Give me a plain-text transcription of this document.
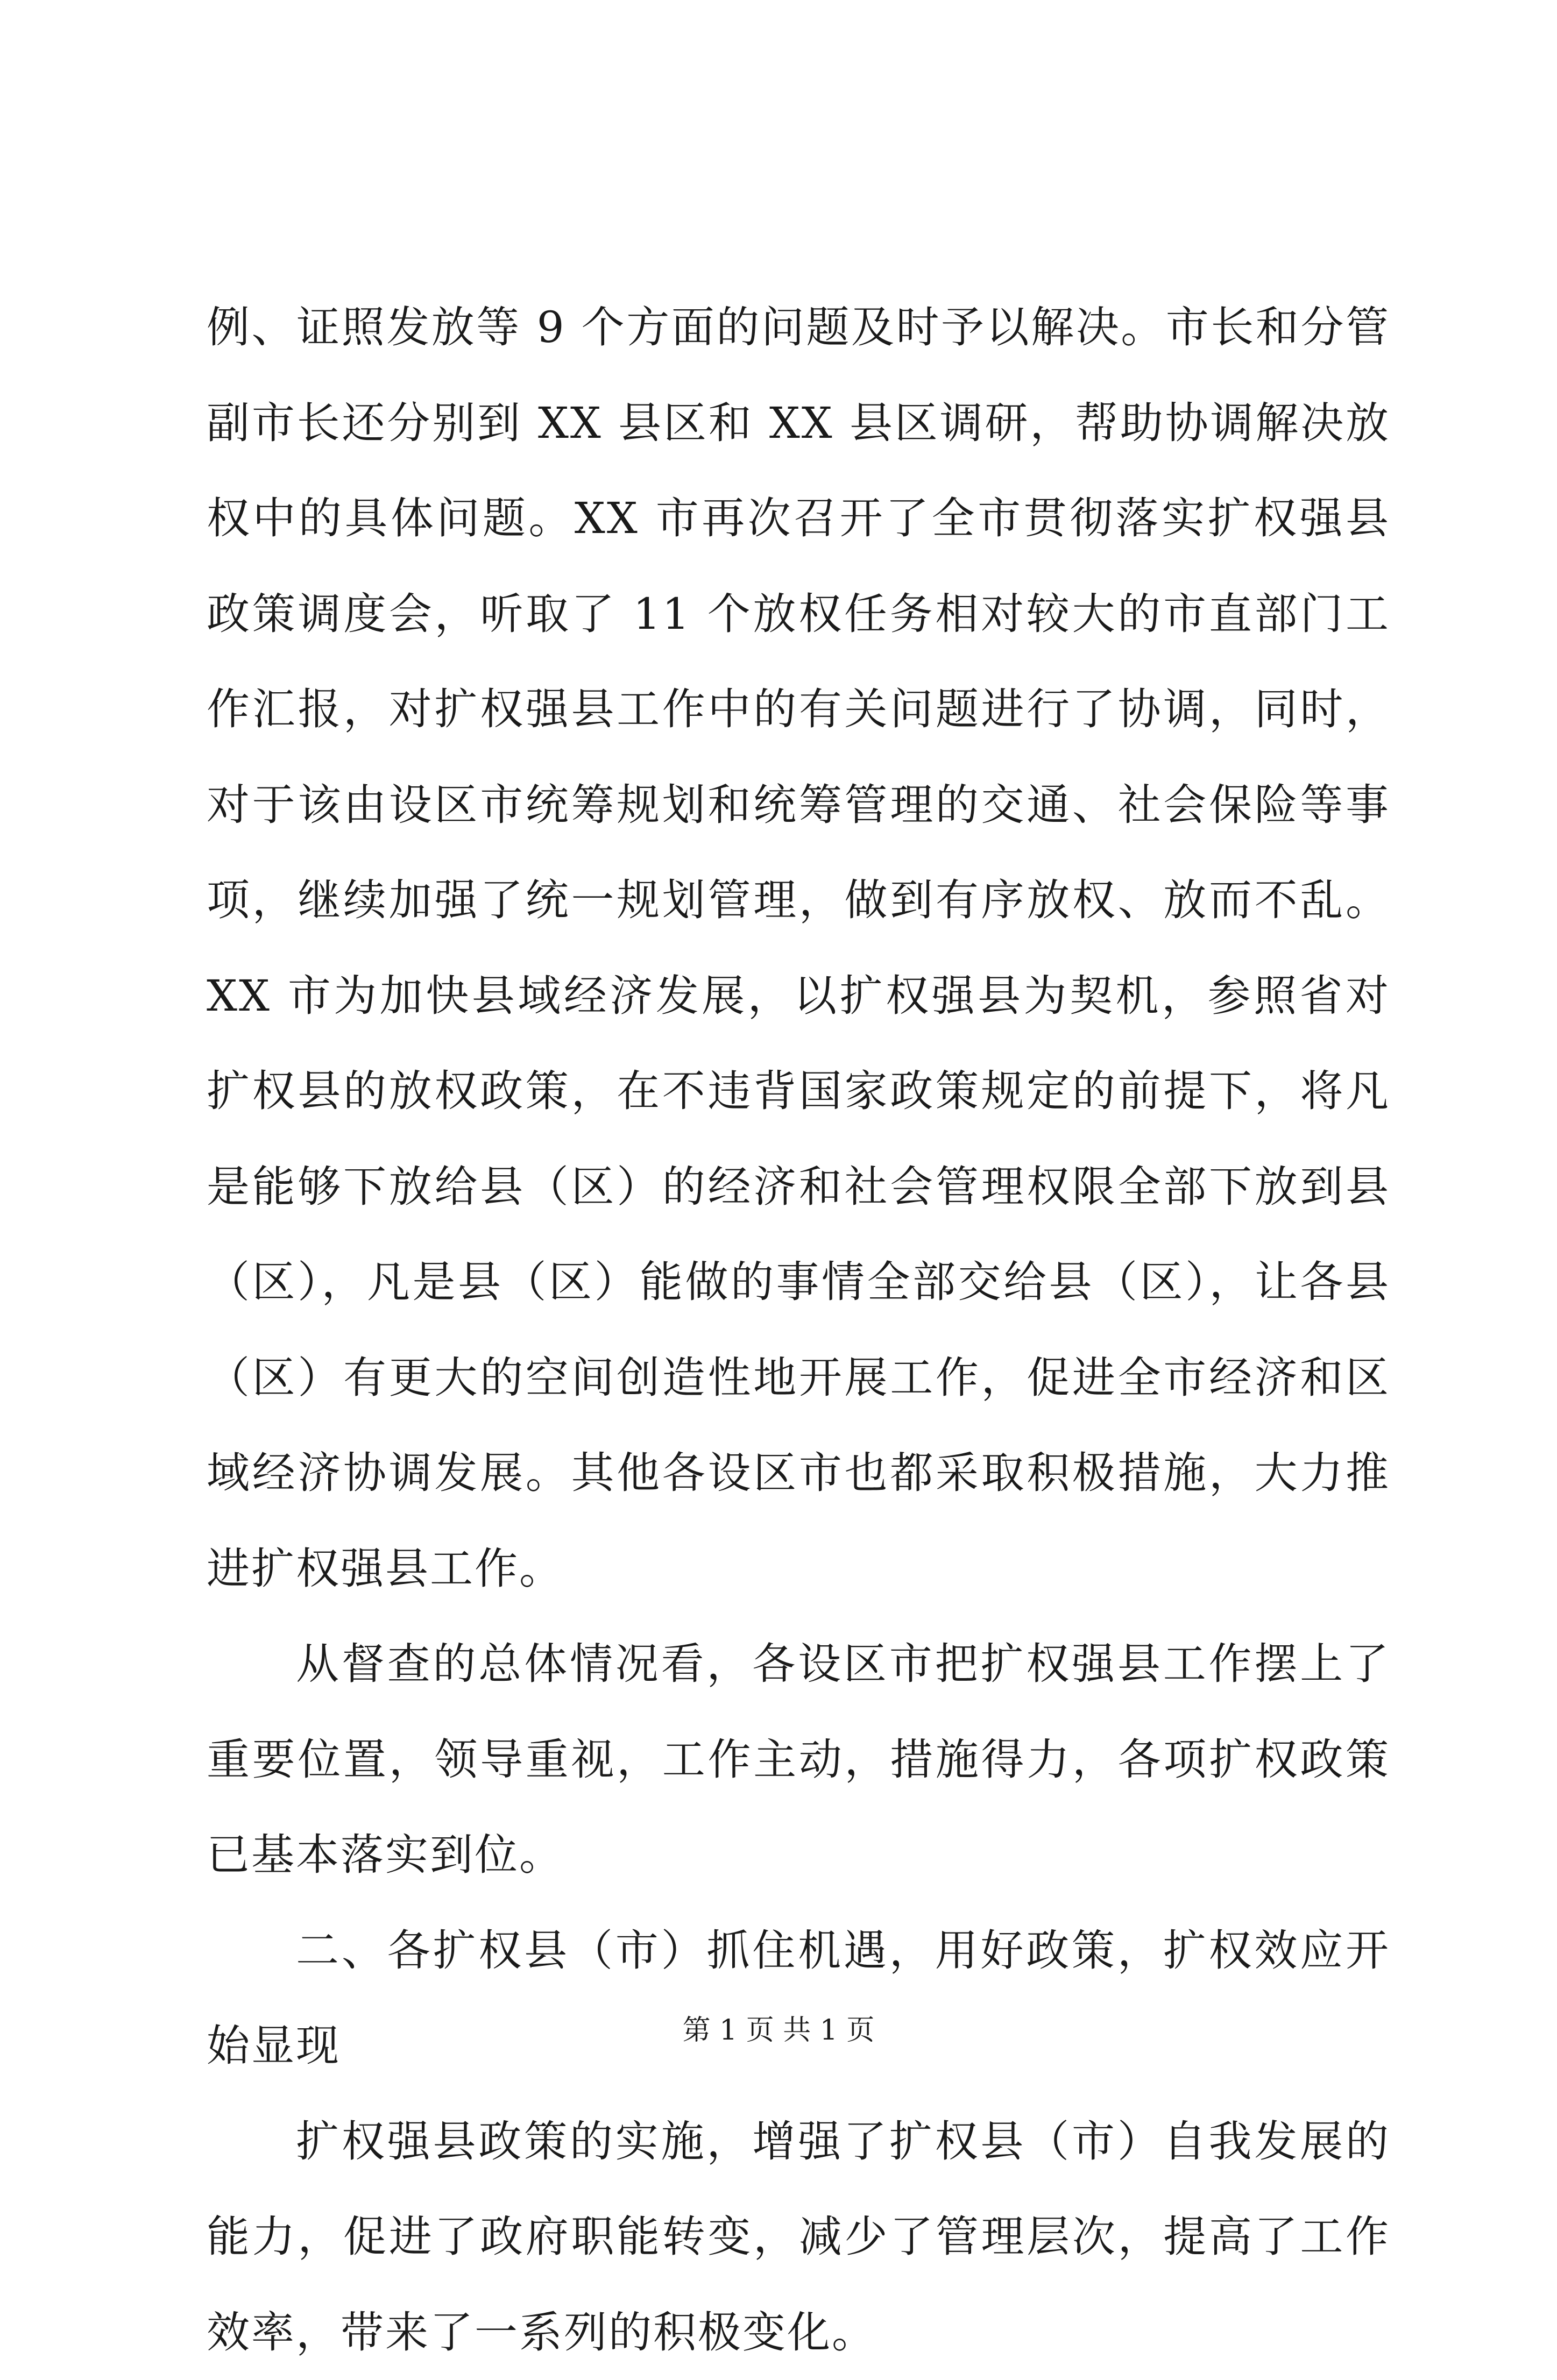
例、证照发放等 9 个方面的问题及时予以解决。市长和分管副市长还分别到 XX 县区和 XX 县区调研，帮助协调解决放权中的具体问题。XX 市再次召开了全市贯彻落实扩权强县政策调度会，听取了 11 个放权任务相对较大的市直部门工作汇报，对扩权强县工作中的有关问题进行了协调，同时，对于该由设区市统筹规划和统筹管理的交通、社会保险等事项，继续加强了统一规划管理，做到有序放权、放而不乱。XX 市为加快县域经济发展，以扩权强县为契机，参照省对扩权县的放权政策，在不违背国家政策规定的前提下，将凡是能够下放给县（区）的经济和社会管理权限全部下放到县（区），凡是县（区）能做的事情全部交给县（区），让各县（区）有更大的空间创造性地开展工作，促进全市经济和区域经济协调发展。其他各设区市也都采取积极措施，大力推进扩权强县工作。

从督查的总体情况看，各设区市把扩权强县工作摆上了重要位置，领导重视，工作主动，措施得力，各项扩权政策已基本落实到位。

二、各扩权县（市）抓住机遇，用好政策，扩权效应开始显现

扩权强县政策的实施，增强了扩权县（市）自我发展的能力，促进了政府职能转变，减少了管理层次，提高了工作效率，带来了一系列的积极变化。

第 1 页 共 1 页
